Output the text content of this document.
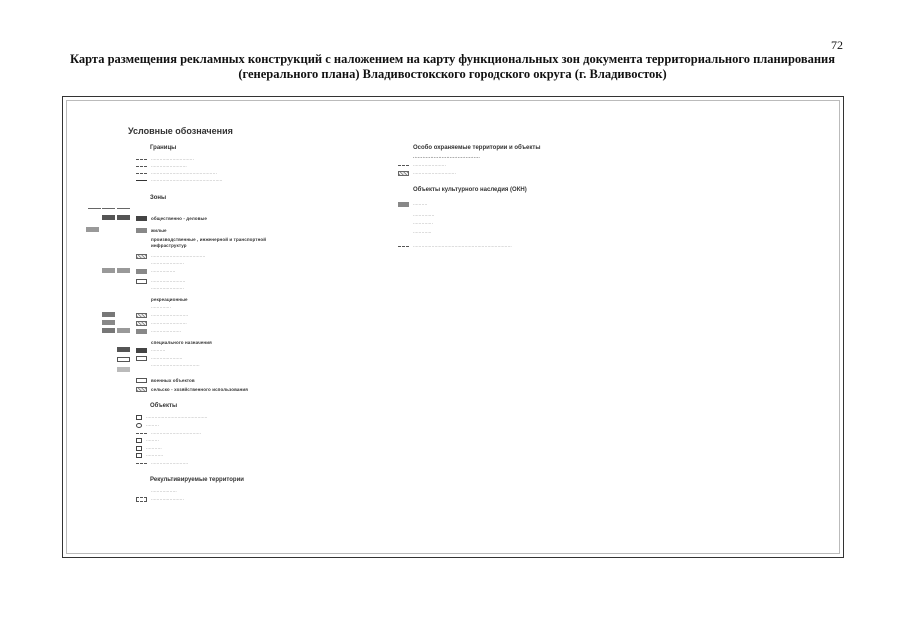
72
Карта размещения рекламных конструкций с наложением на карту функциональных зон документа территориального планирования (генерального плана) Владивостокского городского округа (г. Владивосток)
Условные обозначения
Границы
······························
·························
··············································
··················································
Зоны
общественно - деловые
жилые
производственные , инженерной и транспортной инфраструктур
······································
·······················
·················
························
·······················
рекреационные
··············
··························
·························
·····················
специального назначения
··········
······················
··································
военных объектов
сельско - хозяйственного использования
Объекты
···········································
·········
···································
·········
···········
············
··························
Рекультивируемые территории
··················
·······················
Особо охраняемые территории и объекты
··········································
·······················
······························
Объекты культурного наследия (ОКН)
··········
···············
··············
·············
·····································································
